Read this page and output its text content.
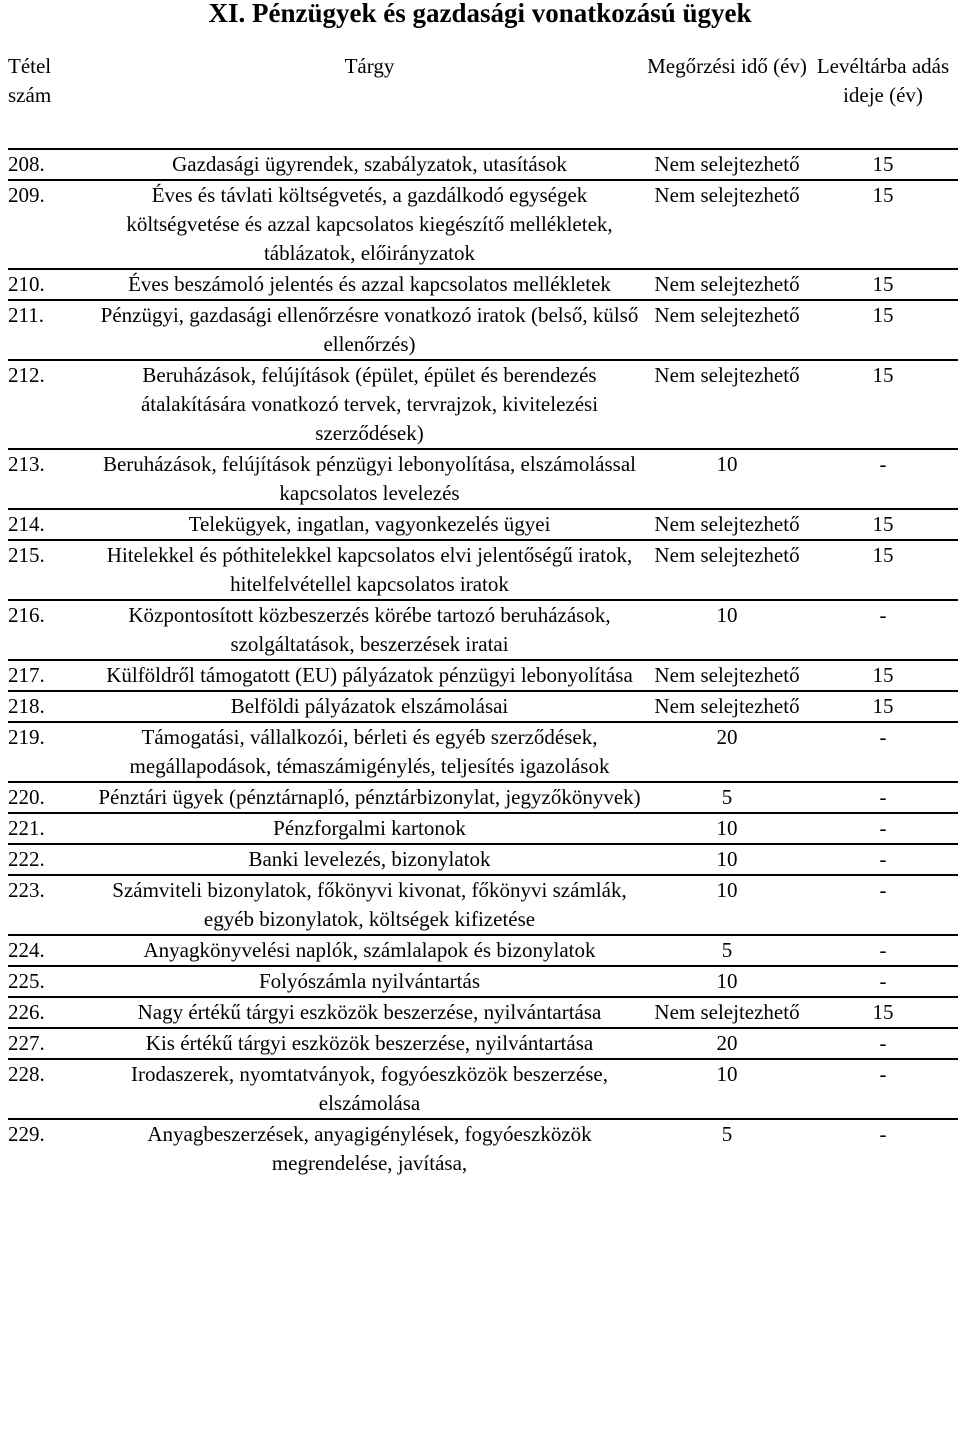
XI. Pénzügyek és gazdasági vonatkozású ügyek
Tétel szám	Tárgy	Megőrzési idő (év)	Levéltárba adás ideje (év)
208.	Gazdasági ügyrendek, szabályzatok, utasítások	Nem selejtezhető	15
209.	Éves és távlati költségvetés, a gazdálkodó egységek költségvetése és azzal kapcsolatos kiegészítő mellékletek, táblázatok, előirányzatok	Nem selejtezhető	15
210.	Éves beszámoló jelentés és azzal kapcsolatos mellékletek	Nem selejtezhető	15
211.	Pénzügyi, gazdasági ellenőrzésre vonatkozó iratok (belső, külső ellenőrzés)	Nem selejtezhető	15
212.	Beruházások, felújítások (épület, épület és berendezés átalakítására vonatkozó tervek, tervrajzok, kivitelezési szerződések)	Nem selejtezhető	15
213.	Beruházások, felújítások pénzügyi lebonyolítása, elszámolással kapcsolatos levelezés	10	-
214.	Telekügyek, ingatlan, vagyonkezelés ügyei	Nem selejtezhető	15
215.	Hitelekkel és póthitelekkel kapcsolatos elvi jelentőségű iratok, hitelfelvétellel kapcsolatos iratok	Nem selejtezhető	15
216.	Központosított közbeszerzés körébe tartozó beruházások, szolgáltatások, beszerzések iratai	10	-
217.	Külföldről támogatott (EU) pályázatok pénzügyi lebonyolítása	Nem selejtezhető	15
218.	Belföldi pályázatok elszámolásai	Nem selejtezhető	15
219.	Támogatási, vállalkozói, bérleti és egyéb szerződések, megállapodások, témaszámigénylés, teljesítés igazolások	20	-
220.	Pénztári ügyek (pénztárnapló, pénztárbizonylat, jegyzőkönyvek)	5	-
221.	Pénzforgalmi kartonok	10	-
222.	Banki levelezés, bizonylatok	10	-
223.	Számviteli bizonylatok, főkönyvi kivonat, főkönyvi számlák, egyéb bizonylatok, költségek kifizetése	10	-
224.	Anyagkönyvelési naplók, számlalapok és bizonylatok	5	-
225.	Folyószámla nyilvántartás	10	-
226.	Nagy értékű tárgyi eszközök beszerzése, nyilvántartása	Nem selejtezhető	15
227.	Kis értékű tárgyi eszközök beszerzése, nyilvántartása	20	-
228.	Irodaszerek, nyomtatványok, fogyóeszközök beszerzése, elszámolása	10	-
229.	Anyagbeszerzések, anyagigénylések, fogyóeszközök megrendelése, javítása,	5	-
